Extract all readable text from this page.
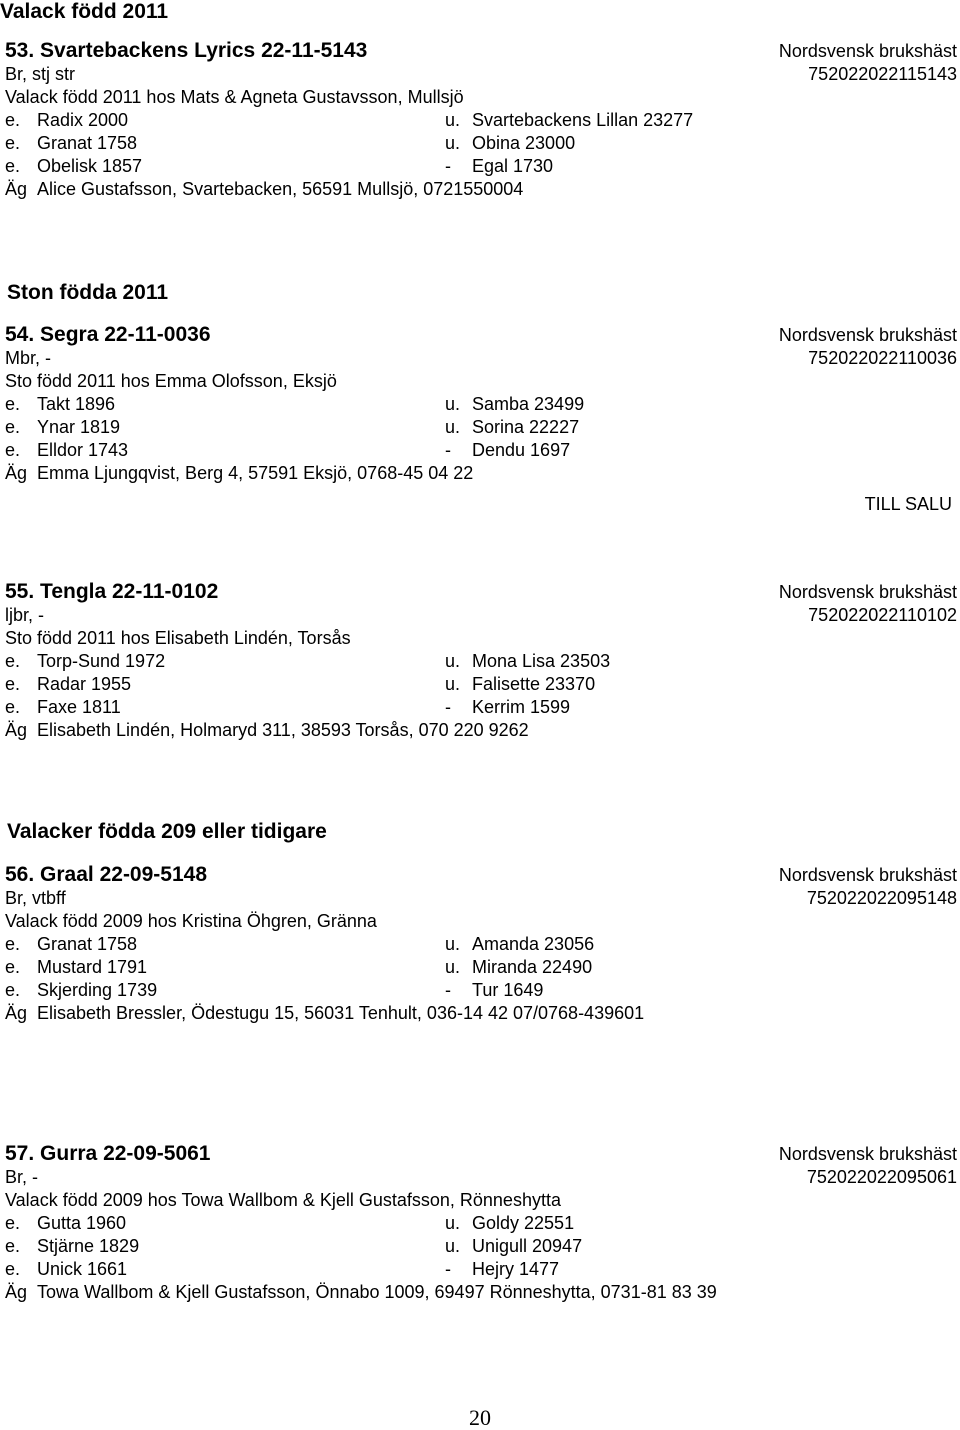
Valack född 2011
53. Svartebackens Lyrics 22-11-5143	Nordsvensk brukshäst
Br, stj str	752022022115143
Valack född 2011 hos Mats & Agneta Gustavsson, Mullsjö
e. Radix 2000	u. Svartebackens Lillan 23277
e. Granat 1758	u. Obina 23000
e. Obelisk 1857	- Egal 1730
Äg Alice Gustafsson, Svartebacken, 56591 Mullsjö, 0721550004
Ston födda 2011
54. Segra 22-11-0036	Nordsvensk brukshäst
Mbr, -	752022022110036
Sto född 2011 hos Emma Olofsson, Eksjö
e. Takt 1896	u. Samba 23499
e. Ynar 1819	u. Sorina 22227
e. Elldor 1743	- Dendu 1697
Äg Emma Ljungqvist, Berg 4, 57591 Eksjö, 0768-45 04 22
TILL SALU
55. Tengla 22-11-0102	Nordsvensk brukshäst
ljbr, -	752022022110102
Sto född 2011 hos Elisabeth Lindén, Torsås
e. Torp-Sund 1972	u. Mona Lisa 23503
e. Radar 1955	u. Falisette 23370
e. Faxe 1811	- Kerrim 1599
Äg Elisabeth Lindén, Holmaryd 311, 38593 Torsås, 070 220 9262
Valacker födda 209 eller tidigare
56. Graal 22-09-5148	Nordsvensk brukshäst
Br, vtbff	752022022095148
Valack född 2009 hos Kristina Öhgren, Gränna
e. Granat 1758	u. Amanda 23056
e. Mustard 1791	u. Miranda 22490
e. Skjerding 1739	- Tur 1649
Äg Elisabeth Bressler, Ödestugu 15, 56031 Tenhult, 036-14 42 07/0768-439601
57. Gurra 22-09-5061	Nordsvensk brukshäst
Br, -	752022022095061
Valack född 2009 hos Towa Wallbom & Kjell Gustafsson, Rönneshytta
e. Gutta 1960	u. Goldy 22551
e. Stjärne 1829	u. Unigull 20947
e. Unick 1661	- Hejry 1477
Äg Towa Wallbom & Kjell Gustafsson, Önnabo 1009, 69497 Rönneshytta, 0731-81 83 39
20
